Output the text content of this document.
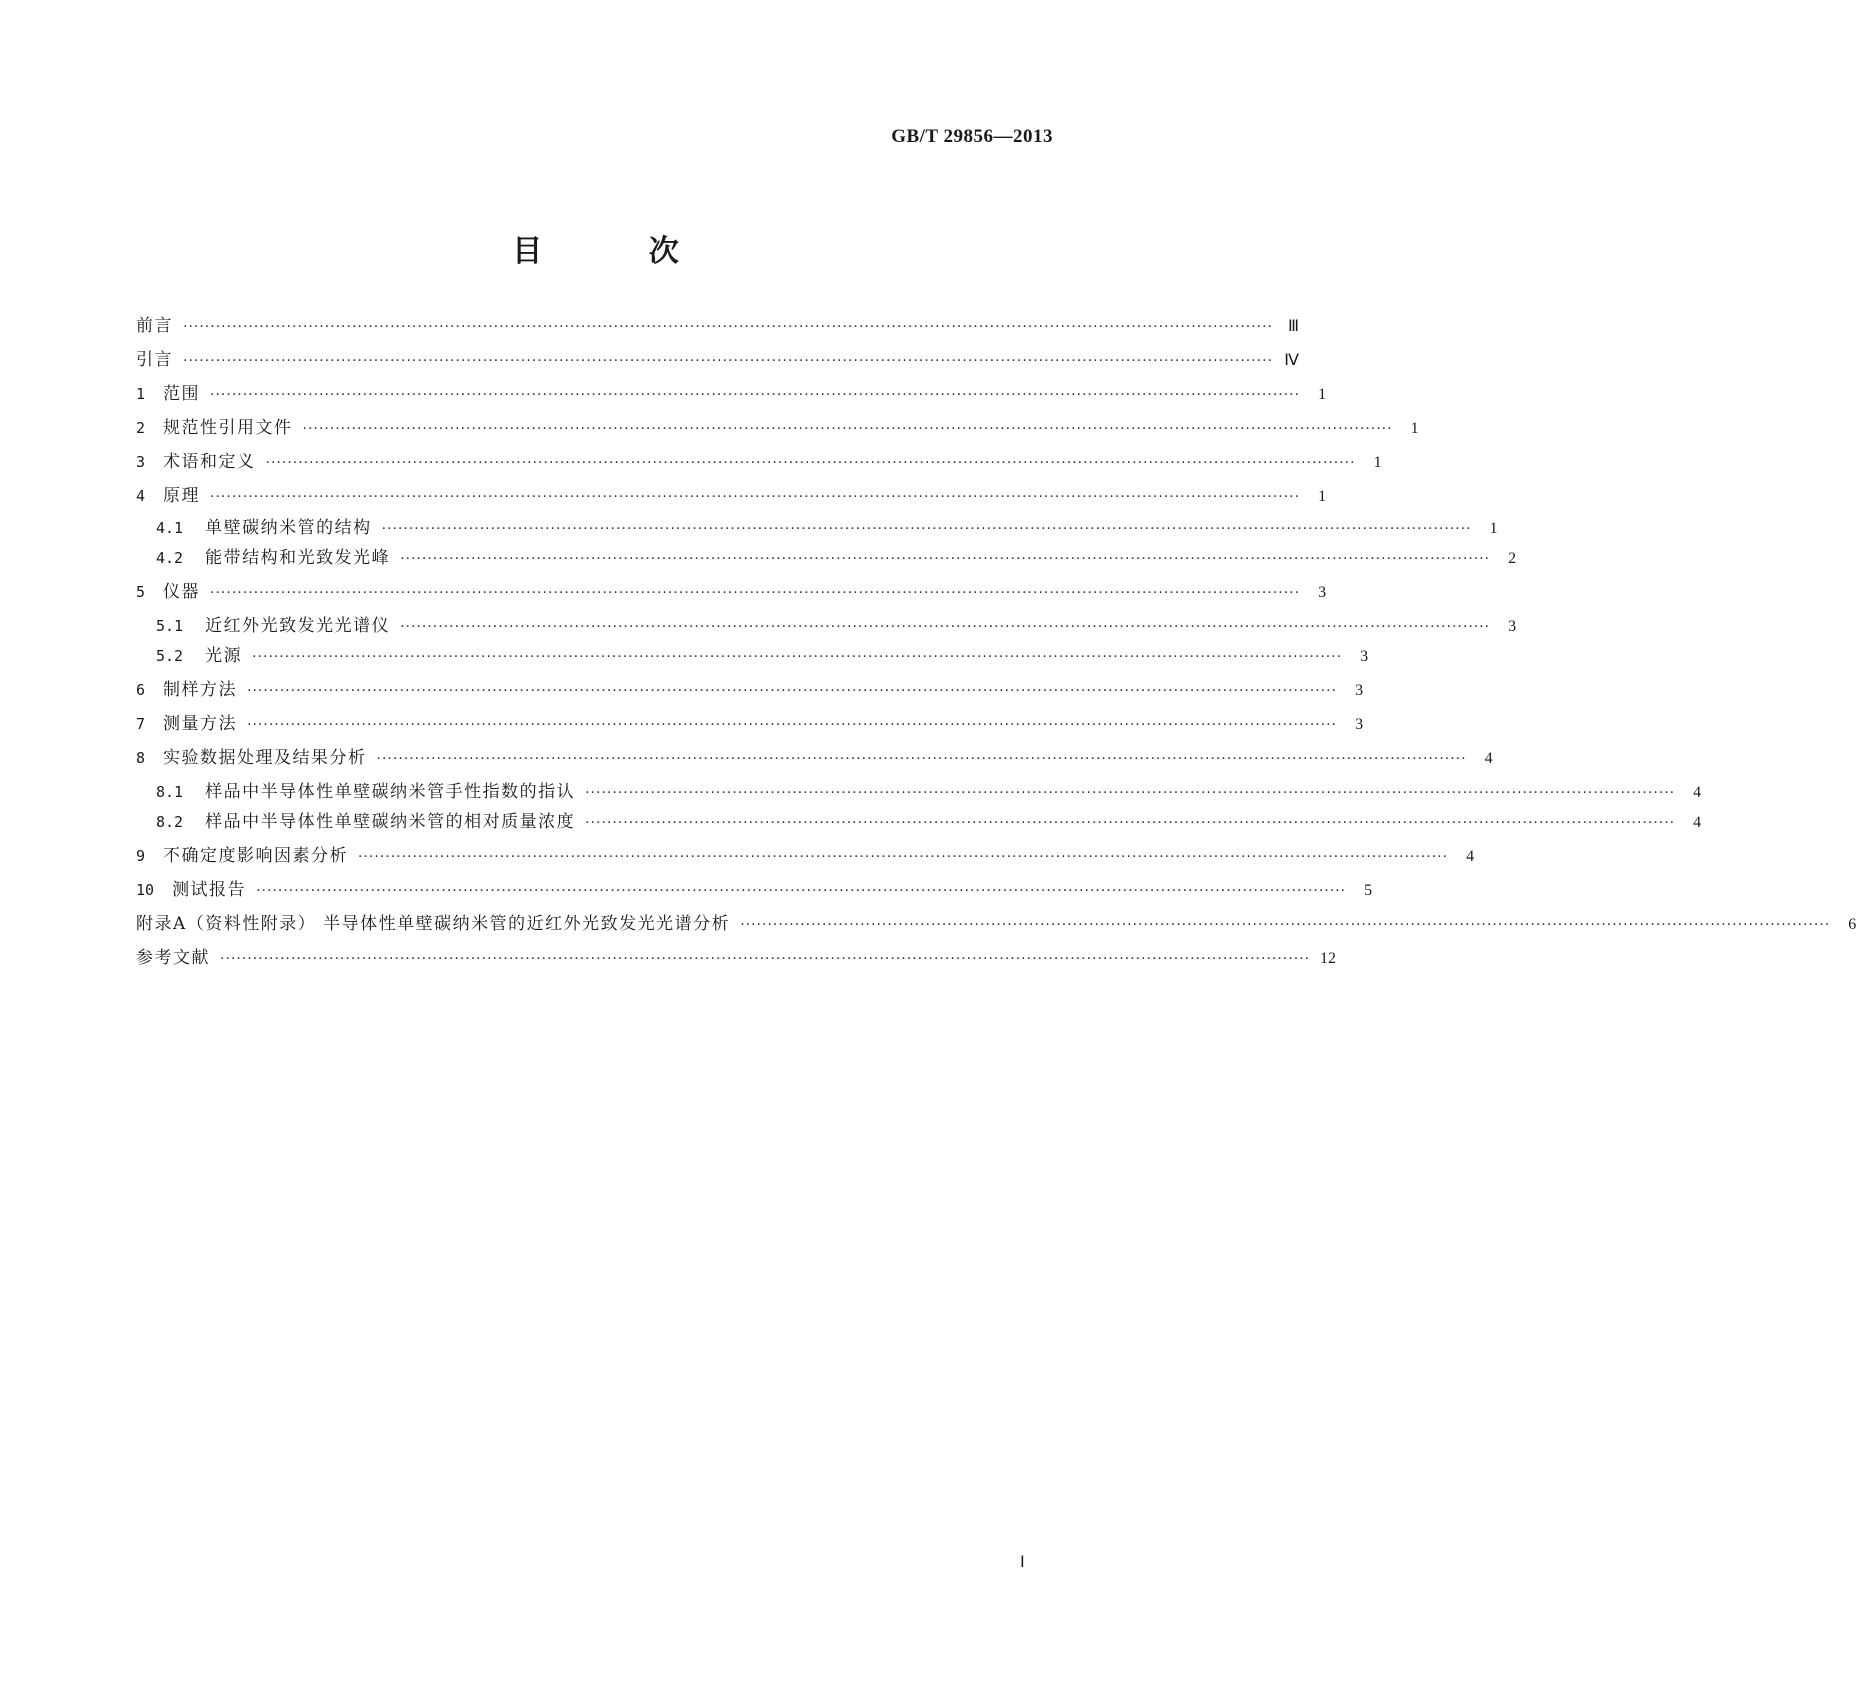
GB/T 29856—2013
目 次
前言 ········································································································································································································ Ⅲ
引言 ········································································································································································································ Ⅳ
1 范围 ········································································································································································································	1
2 规范性引用文件 ········································································································································································································	1
3 术语和定义 ········································································································································································································	1
4 原理 ········································································································································································································	1
4.1 单壁碳纳米管的结构 ········································································································································································································	1
4.2 能带结构和光致发光峰 ········································································································································································································	2
5 仪器 ········································································································································································································	3
5.1 近红外光致发光光谱仪 ········································································································································································································	3
5.2 光源 ········································································································································································································	3
6 制样方法 ········································································································································································································	3
7 测量方法 ········································································································································································································	3
8 实验数据处理及结果分析 ········································································································································································································	4
8.1 样品中半导体性单壁碳纳米管手性指数的指认 ········································································································································································································	4
8.2 样品中半导体性单壁碳纳米管的相对质量浓度 ········································································································································································································	4
9 不确定度影响因素分析 ········································································································································································································	4
10 测试报告 ········································································································································································································	5
附录A（资料性附录） 半导体性单壁碳纳米管的近红外光致发光光谱分析 ········································································································································································································	6
参考文献 ········································································································································································································ 12
Ⅰ
